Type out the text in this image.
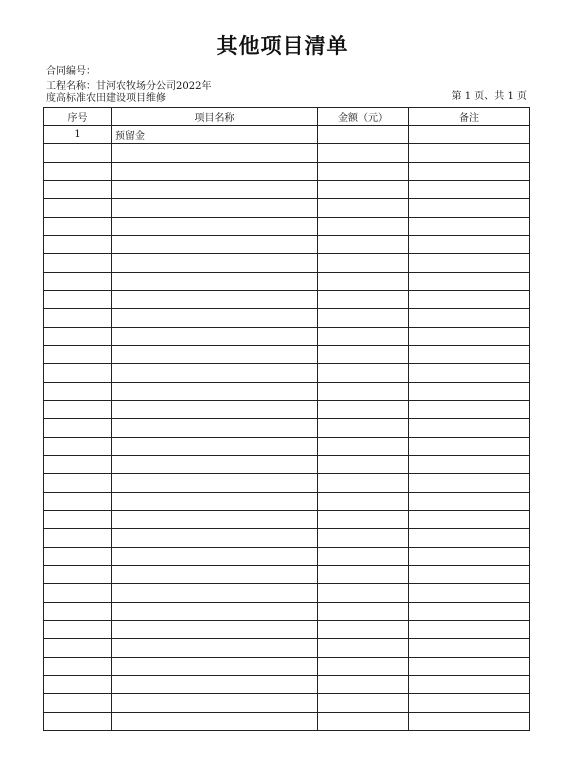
其他项目清单
合同编号：
工程名称：甘河农牧场分公司2022年
度高标准农田建设项目维修	第 1 页、共 1 页
序号	项目名称	金额（元）	备注
1	预留金		
